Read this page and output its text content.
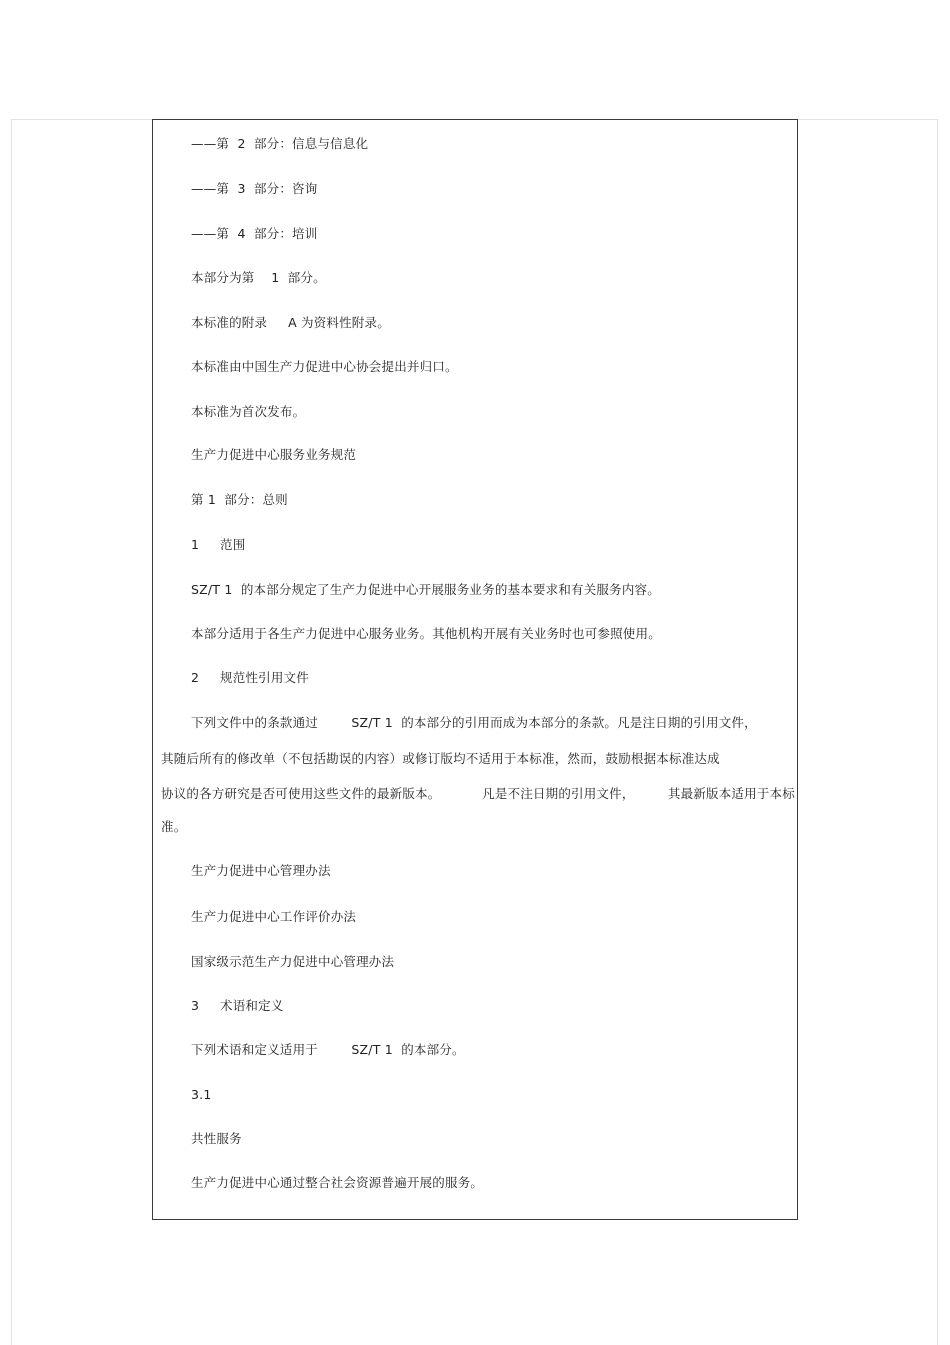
——第  2  部分：信息与信息化
——第  3  部分：咨询
——第  4  部分：培训
本部分为第    1  部分。
本标准的附录     A 为资料性附录。
本标准由中国生产力促进中心协会提出并归口。
本标准为首次发布。
生产力促进中心服务业务规范
第 1  部分：总则
1     范围
SZ/T 1  的本部分规定了生产力促进中心开展服务业务的基本要求和有关服务内容。
本部分适用于各生产力促进中心服务业务。其他机构开展有关业务时也可参照使用。
2     规范性引用文件
下列文件中的条款通过        SZ/T 1  的本部分的引用而成为本部分的条款。凡是注日期的引用文件，
其随后所有的修改单（不包括勘误的内容）或修订版均不适用于本标准，然而，鼓励根据本标准达成
协议的各方研究是否可使用这些文件的最新版本。          凡是不注日期的引用文件，        其最新版本适用于本标
准。
生产力促进中心管理办法
生产力促进中心工作评价办法
国家级示范生产力促进中心管理办法
3     术语和定义
下列术语和定义适用于        SZ/T 1  的本部分。
3.1
共性服务
生产力促进中心通过整合社会资源普遍开展的服务。
